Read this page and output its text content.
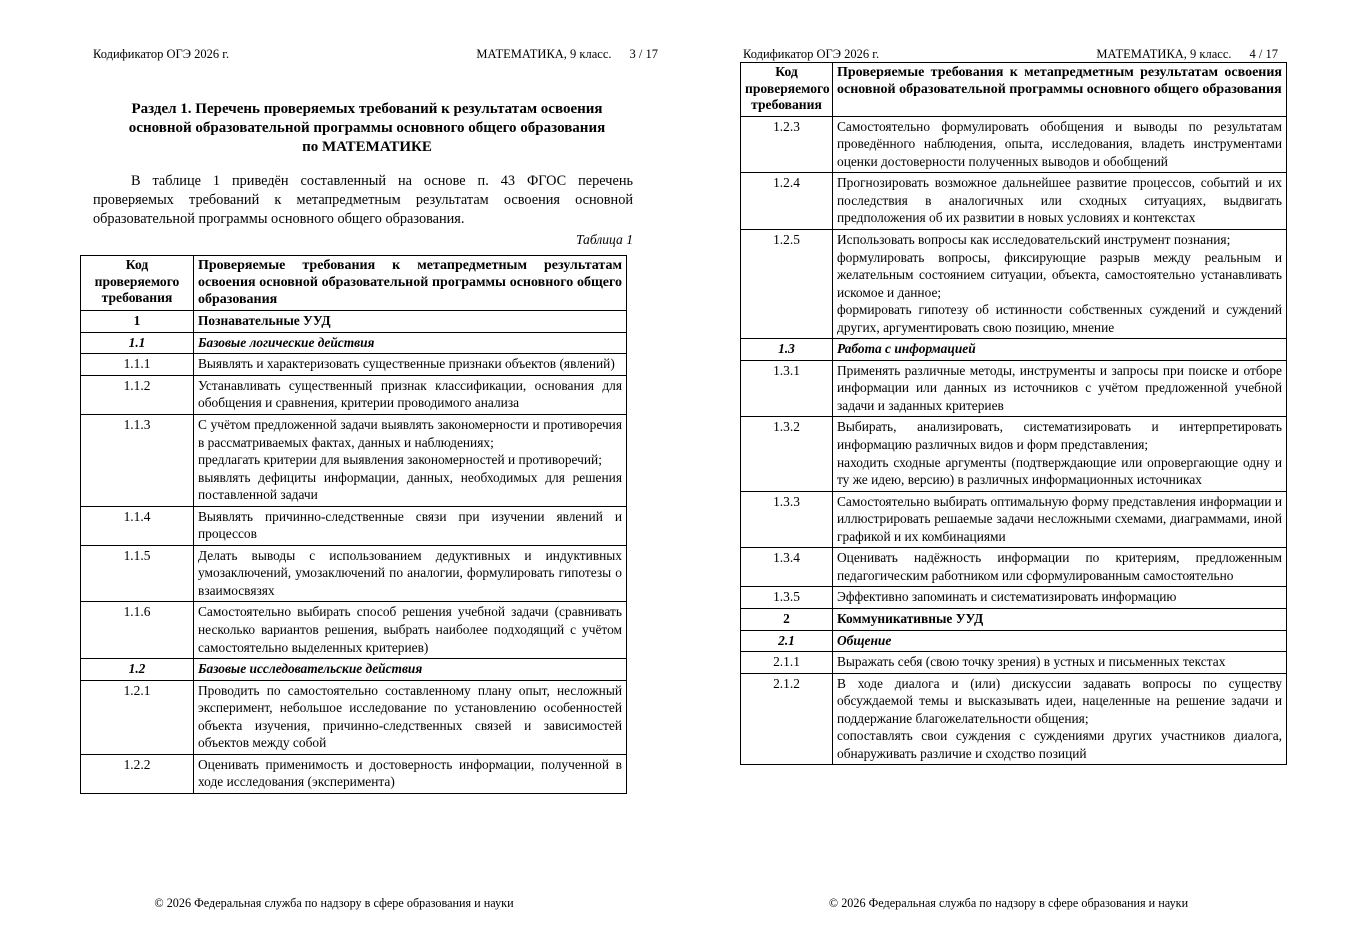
Кодификатор ОГЭ 2026 г.	МАТЕМАТИКА, 9 класс. 3 / 17
Раздел 1. Перечень проверяемых требований к результатам освоения
основной образовательной программы основного общего образования
по МАТЕМАТИКЕ
В таблице 1 приведён составленный на основе п. 43 ФГОС перечень проверяемых требований к метапредметным результатам освоения основной образовательной программы основного общего образования.
Таблица 1
Код проверяемого требования	Проверяемые требования к метапредметным результатам освоения основной образовательной программы основного общего образования
1	Познавательные УУД

1.1	Базовые логические действия

1.1.1	Выявлять и характеризовать существенные признаки объектов (явлений)

1.1.2	Устанавливать существенный признак классификации, основания для обобщения и сравнения, критерии проводимого анализа

1.1.3	С учётом предложенной задачи выявлять закономерности и противоречия в рассматриваемых фактах, данных и наблюдениях;

предлагать критерии для выявления закономерностей и противоречий;

выявлять дефициты информации, данных, необходимых для решения поставленной задачи

1.1.4	Выявлять причинно-следственные связи при изучении явлений и процессов

1.1.5	Делать выводы с использованием дедуктивных и индуктивных умозаключений, умозаключений по аналогии, формулировать гипотезы о взаимосвязях

1.1.6	Самостоятельно выбирать способ решения учебной задачи (сравнивать несколько вариантов решения, выбрать наиболее подходящий с учётом самостоятельно выделенных критериев)

1.2	Базовые исследовательские действия

1.2.1	Проводить по самостоятельно составленному плану опыт, несложный эксперимент, небольшое исследование по установлению особенностей объекта изучения, причинно-следственных связей и зависимостей объектов между собой

1.2.2	Оценивать применимость и достоверность информации, полученной в ходе исследования (эксперимента)

© 2026 Федеральная служба по надзору в сфере образования и науки
Кодификатор ОГЭ 2026 г.	МАТЕМАТИКА, 9 класс. 4 / 17
Код проверяемого требования	Проверяемые требования к метапредметным результатам освоения основной образовательной программы основного общего образования
1.2.3	Самостоятельно формулировать обобщения и выводы по результатам проведённого наблюдения, опыта, исследования, владеть инструментами оценки достоверности полученных выводов и обобщений

1.2.4	Прогнозировать возможное дальнейшее развитие процессов, событий и их последствия в аналогичных или сходных ситуациях, выдвигать предположения об их развитии в новых условиях и контекстах

1.2.5	Использовать вопросы как исследовательский инструмент познания;

формулировать вопросы, фиксирующие разрыв между реальным и желательным состоянием ситуации, объекта, самостоятельно устанавливать искомое и данное;

формировать гипотезу об истинности собственных суждений и суждений других, аргументировать свою позицию, мнение

1.3	Работа с информацией

1.3.1	Применять различные методы, инструменты и запросы при поиске и отборе информации или данных из источников с учётом предложенной учебной задачи и заданных критериев

1.3.2	Выбирать, анализировать, систематизировать и интерпретировать информацию различных видов и форм представления;

находить сходные аргументы (подтверждающие или опровергающие одну и ту же идею, версию) в различных информационных источниках

1.3.3	Самостоятельно выбирать оптимальную форму представления информации и иллюстрировать решаемые задачи несложными схемами, диаграммами, иной графикой и их комбинациями

1.3.4	Оценивать надёжность информации по критериям, предложенным педагогическим работником или сформулированным самостоятельно

1.3.5	Эффективно запоминать и систематизировать информацию

2	Коммуникативные УУД

2.1	Общение

2.1.1	Выражать себя (свою точку зрения) в устных и письменных текстах

2.1.2	В ходе диалога и (или) дискуссии задавать вопросы по существу обсуждаемой темы и высказывать идеи, нацеленные на решение задачи и поддержание благожелательности общения;

сопоставлять свои суждения с суждениями других участников диалога, обнаруживать различие и сходство позиций

© 2026 Федеральная служба по надзору в сфере образования и науки
